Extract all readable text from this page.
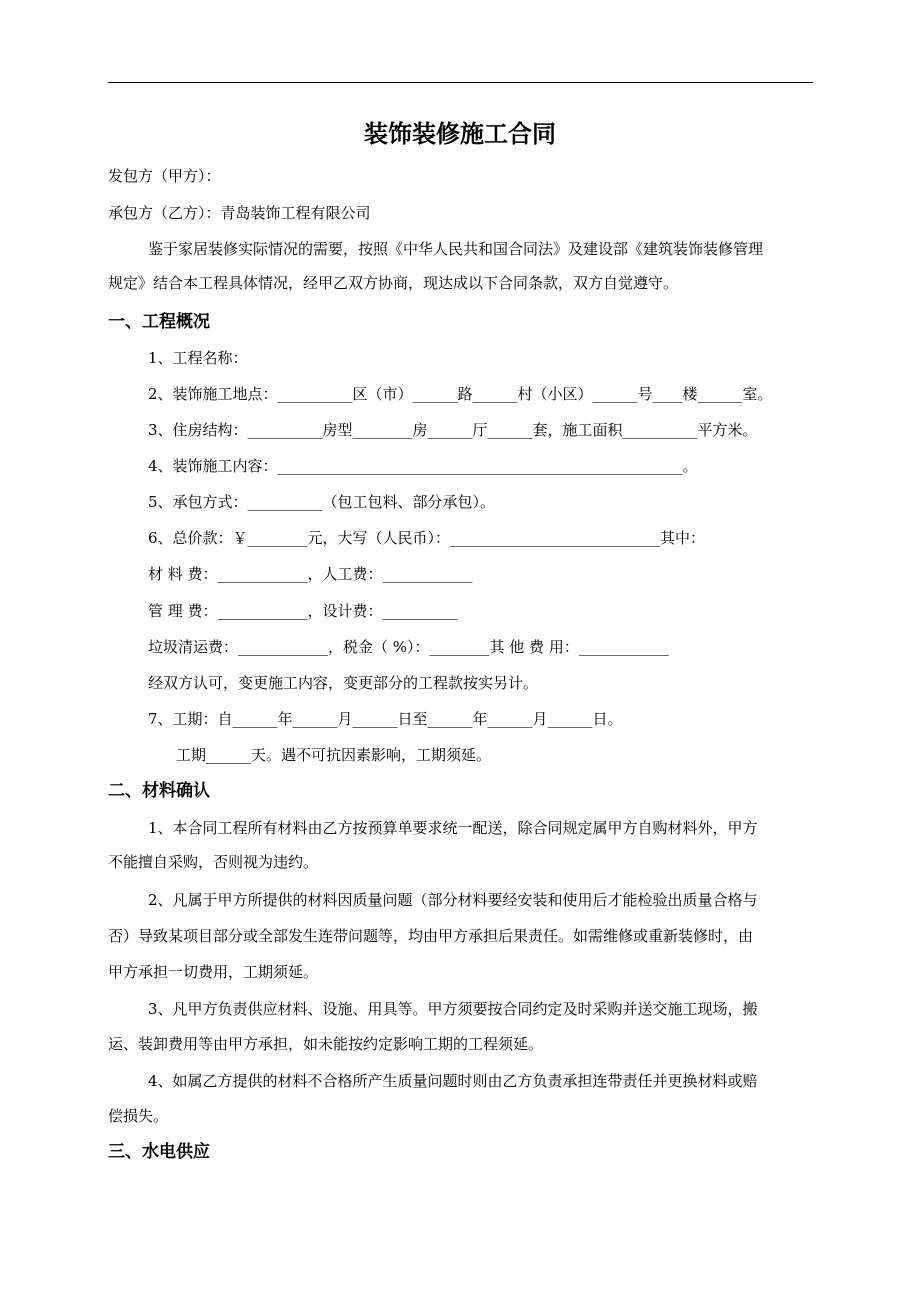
装饰装修施工合同
发包方（甲方）：
承包方（乙方）：青岛装饰工程有限公司
鉴于家居装修实际情况的需要，按照《中华人民共和国合同法》及建设部《建筑装饰装修管理
规定》结合本工程具体情况，经甲乙双方协商，现达成以下合同条款，双方自觉遵守。
一、工程概况
1、工程名称：
2、装饰施工地点：__________区（市）______路______村（小区）______号____楼______室。
3、住房结构：__________房型________房______厅______套，施工面积__________平方米。
4、装饰施工内容：______________________________________________________。
5、承包方式：__________（包工包料、部分承包）。
6、总价款：￥________元，大写（人民币）：____________________________其中：
材 料 费：____________，人工费：____________
管 理 费：____________，设计费：__________
垃圾清运费：____________，税金（ %）：________其 他 费 用：____________
经双方认可，变更施工内容，变更部分的工程款按实另计。
7、工期：自______年______月______日至______年______月______日。
工期______天。遇不可抗因素影响，工期须延。
二、材料确认
1、本合同工程所有材料由乙方按预算单要求统一配送，除合同规定属甲方自购材料外，甲方
不能擅自采购，否则视为违约。
2、凡属于甲方所提供的材料因质量问题（部分材料要经安装和使用后才能检验出质量合格与
否）导致某项目部分或全部发生连带问题等，均由甲方承担后果责任。如需维修或重新装修时，由
甲方承担一切费用，工期须延。
3、凡甲方负责供应材料、设施、用具等。甲方须要按合同约定及时采购并送交施工现场，搬
运、装卸费用等由甲方承担，如未能按约定影响工期的工程须延。
4、如属乙方提供的材料不合格所产生质量问题时则由乙方负责承担连带责任并更换材料或赔
偿损失。
三、水电供应
